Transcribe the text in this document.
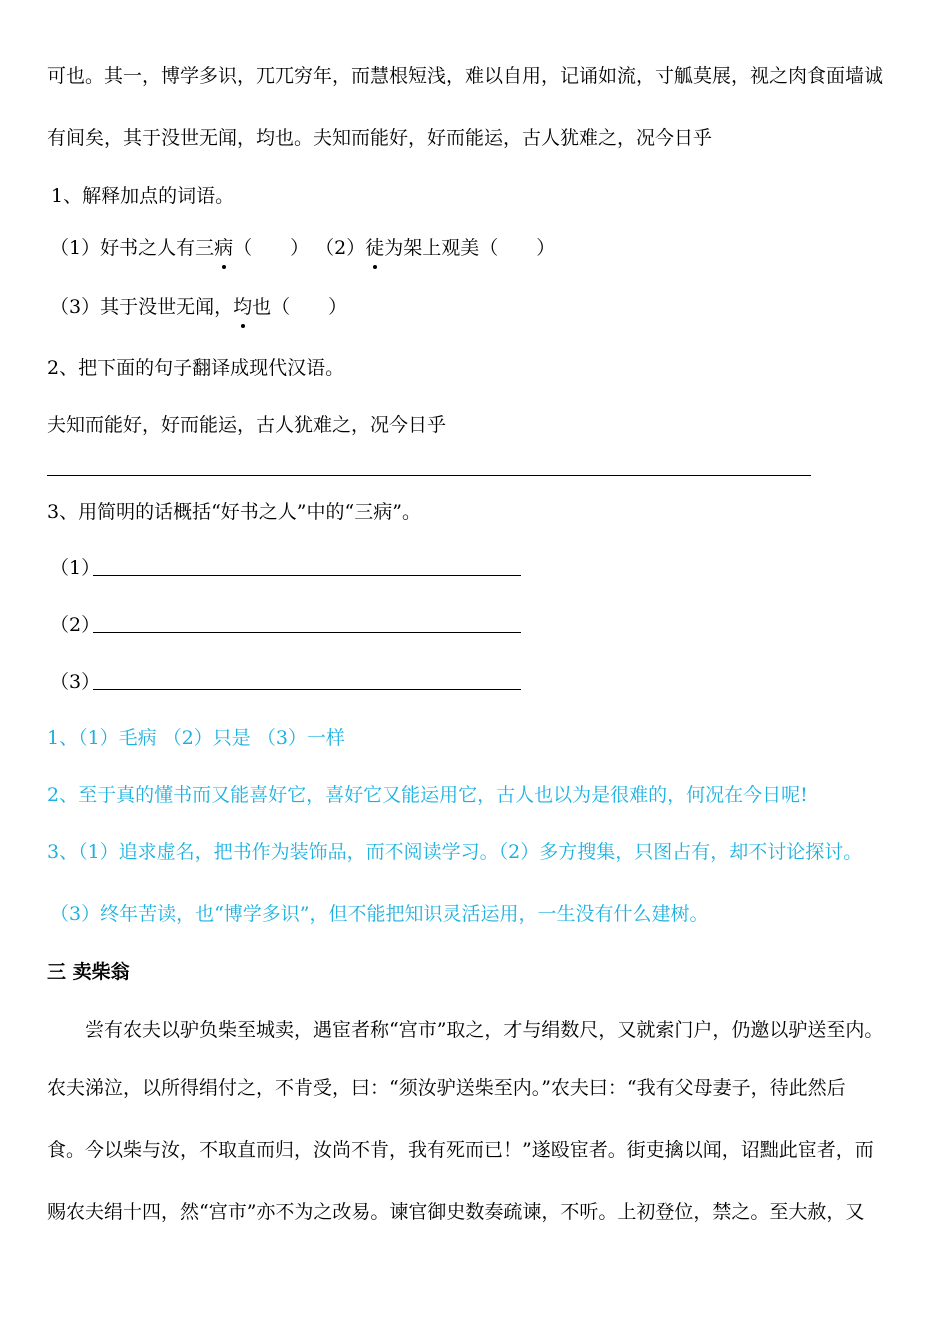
可也。其一，博学多识，兀兀穷年，而慧根短浅，难以自用，记诵如流，寸觚莫展，视之肉食面墙诚
有间矣，其于没世无闻，均也。夫知而能好，好而能运，古人犹难之，况今日乎
1、解释加点的词语。
（1）好书之人有三病（　　） （2）徒为架上观美（　　）
（3）其于没世无闻，均也（　　）
2、把下面的句子翻译成现代汉语。
夫知而能好，好而能运，古人犹难之，况今日乎
3、用简明的话概括“好书之人”中的“三病”。
（1）
（2）
（3）
1、（1）毛病 （2）只是 （3）一样
2、至于真的懂书而又能喜好它，喜好它又能运用它，古人也以为是很难的，何况在今日呢!
3、（1）追求虚名，把书作为装饰品，而不阅读学习。（2）多方搜集，只图占有，却不讨论探讨。
（3）终年苦读，也“博学多识”，但不能把知识灵活运用，一生没有什么建树。
三 卖柴翁
尝有农夫以驴负柴至城卖，遇宦者称“宫市”取之，才与绢数尺，又就索门户，仍邀以驴送至内。
农夫涕泣，以所得绢付之，不肯受，曰：“须汝驴送柴至内。”农夫曰：“我有父母妻子，待此然后
食。今以柴与汝，不取直而归，汝尚不肯，我有死而已！”遂殴宦者。街吏擒以闻，诏黜此宦者，而
赐农夫绢十四，然“宫市”亦不为之改易。谏官御史数奏疏谏，不听。上初登位，禁之。至大赦，又
